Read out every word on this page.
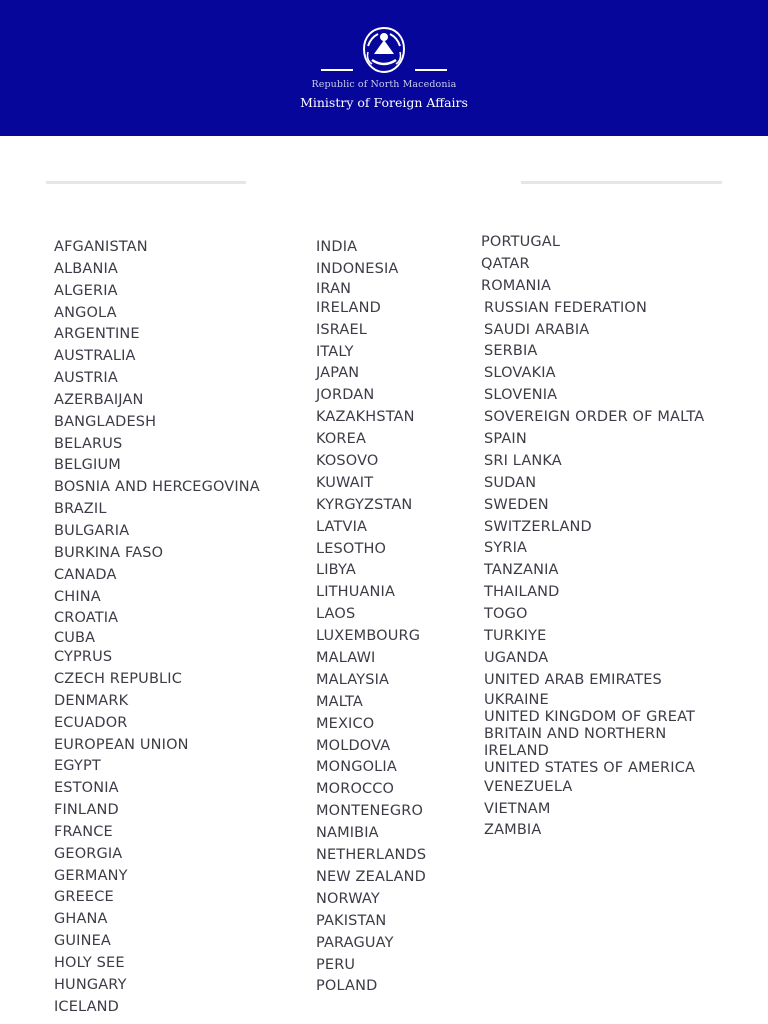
Republic of North Macedonia
Ministry of Foreign Affairs
AFGANISTAN
ALBANIA
ALGERIA
ANGOLA
ARGENTINE
AUSTRALIA
AUSTRIA
AZERBAIJAN
BANGLADESH
BELARUS
BELGIUM
BOSNIA AND HERCEGOVINA
BRAZIL
BULGARIA
BURKINA FASO
CANADA
CHINA
CROATIA
CUBA
CYPRUS
CZECH REPUBLIC
DENMARK
ECUADOR
EUROPEAN UNION
EGYPT
ESTONIA
FINLAND
FRANCE
GEORGIA
GERMANY
GREECE
GHANA
GUINEA
HOLY SEE
HUNGARY
ICELAND
INDIA
INDONESIA
IRAN
IRELAND
ISRAEL
ITALY
JAPAN
JORDAN
KAZAKHSTAN
KOREA
KOSOVO
KUWAIT
KYRGYZSTAN
LATVIA
LESOTHO
LIBYA
LITHUANIA
LAOS
LUXEMBOURG
MALAWI
MALAYSIA
MALTA
MEXICO
MOLDOVA
MONGOLIA
MOROCCO
MONTENEGRO
NAMIBIA
NETHERLANDS
NEW ZEALAND
NORWAY
PAKISTAN
PARAGUAY
PERU
POLAND
PORTUGAL
QATAR
ROMANIA
RUSSIAN FEDERATION
SAUDI ARABIA
SERBIA
SLOVAKIA
SLOVENIA
SOVEREIGN ORDER OF MALTA
SPAIN
SRI LANKA
SUDAN
SWEDEN
SWITZERLAND
SYRIA
TANZANIA
THAILAND
TOGO
TURKIYE
UGANDA
UNITED ARAB EMIRATES
UKRAINE
UNITED KINGDOM OF GREAT
BRITAIN AND NORTHERN
IRELAND
UNITED STATES OF AMERICA
VENEZUELA
VIETNAM
ZAMBIA
